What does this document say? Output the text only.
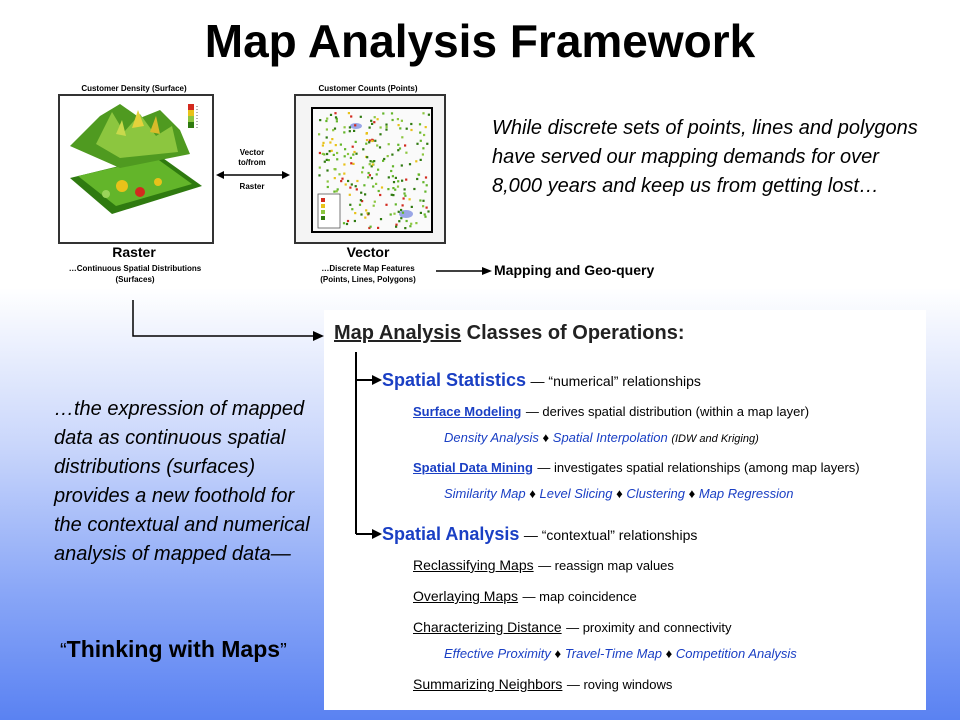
Map Analysis Framework
Customer Density (Surface)
Raster
…Continuous Spatial Distributions
(Surfaces)
Vector
to/from
Raster
Customer Counts (Points)
Vector
…Discrete Map Features
(Points, Lines, Polygons)
While discrete sets of points, lines and polygons have served our mapping demands for over 8,000 years and keep us from getting lost…
Mapping and Geo-query
…the expression of mapped data as continuous spatial distributions (surfaces) provides a new foothold for the contextual and numerical analysis of mapped data—
“Thinking with Maps”
Map Analysis Classes of Operations:
Spatial Statistics — “numerical” relationships
Surface Modeling — derives spatial distribution (within a map layer)
Density Analysis ♦ Spatial Interpolation (IDW and Kriging)
Spatial Data Mining — investigates spatial relationships (among map layers)
Similarity Map ♦ Level Slicing ♦ Clustering ♦ Map Regression
Spatial Analysis — “contextual” relationships
Reclassifying Maps — reassign map values
Overlaying Maps — map coincidence
Characterizing Distance — proximity and connectivity
Effective Proximity ♦ Travel-Time Map ♦ Competition Analysis
Summarizing Neighbors — roving windows
